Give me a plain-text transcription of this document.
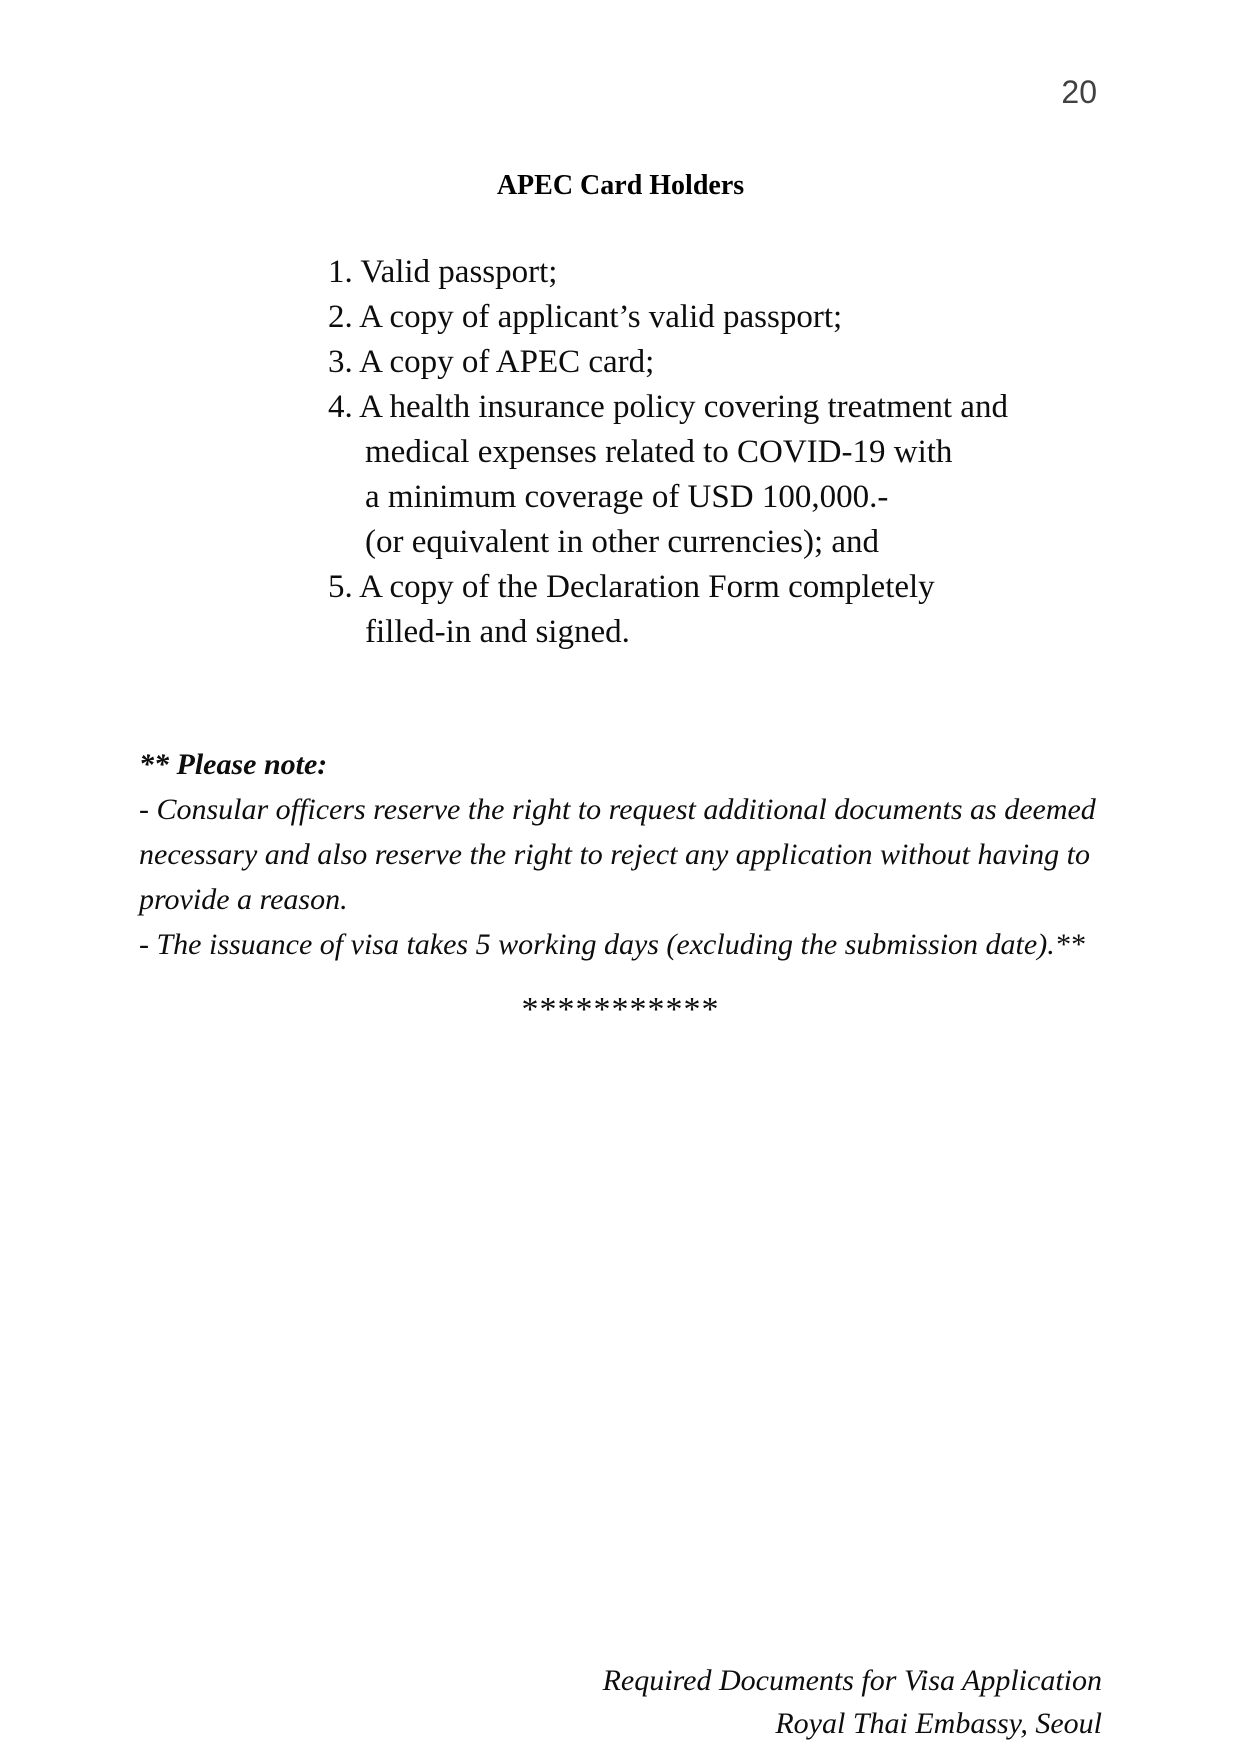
20
APEC Card Holders
1. Valid passport;
2. A copy of applicant’s valid passport;
3. A copy of APEC card;
4. A health insurance policy covering treatment and
medical expenses related to COVID-19 with
a minimum coverage of USD 100,000.-
(or equivalent in other currencies); and
5. A copy of the Declaration Form completely
filled-in and signed.
** Please note:
- Consular officers reserve the right to request additional documents as deemed
necessary and also reserve the right to reject any application without having to
provide a reason.
- The issuance of visa takes 5 working days (excluding the submission date).**
***********
Required Documents for Visa Application
Royal Thai Embassy, Seoul
